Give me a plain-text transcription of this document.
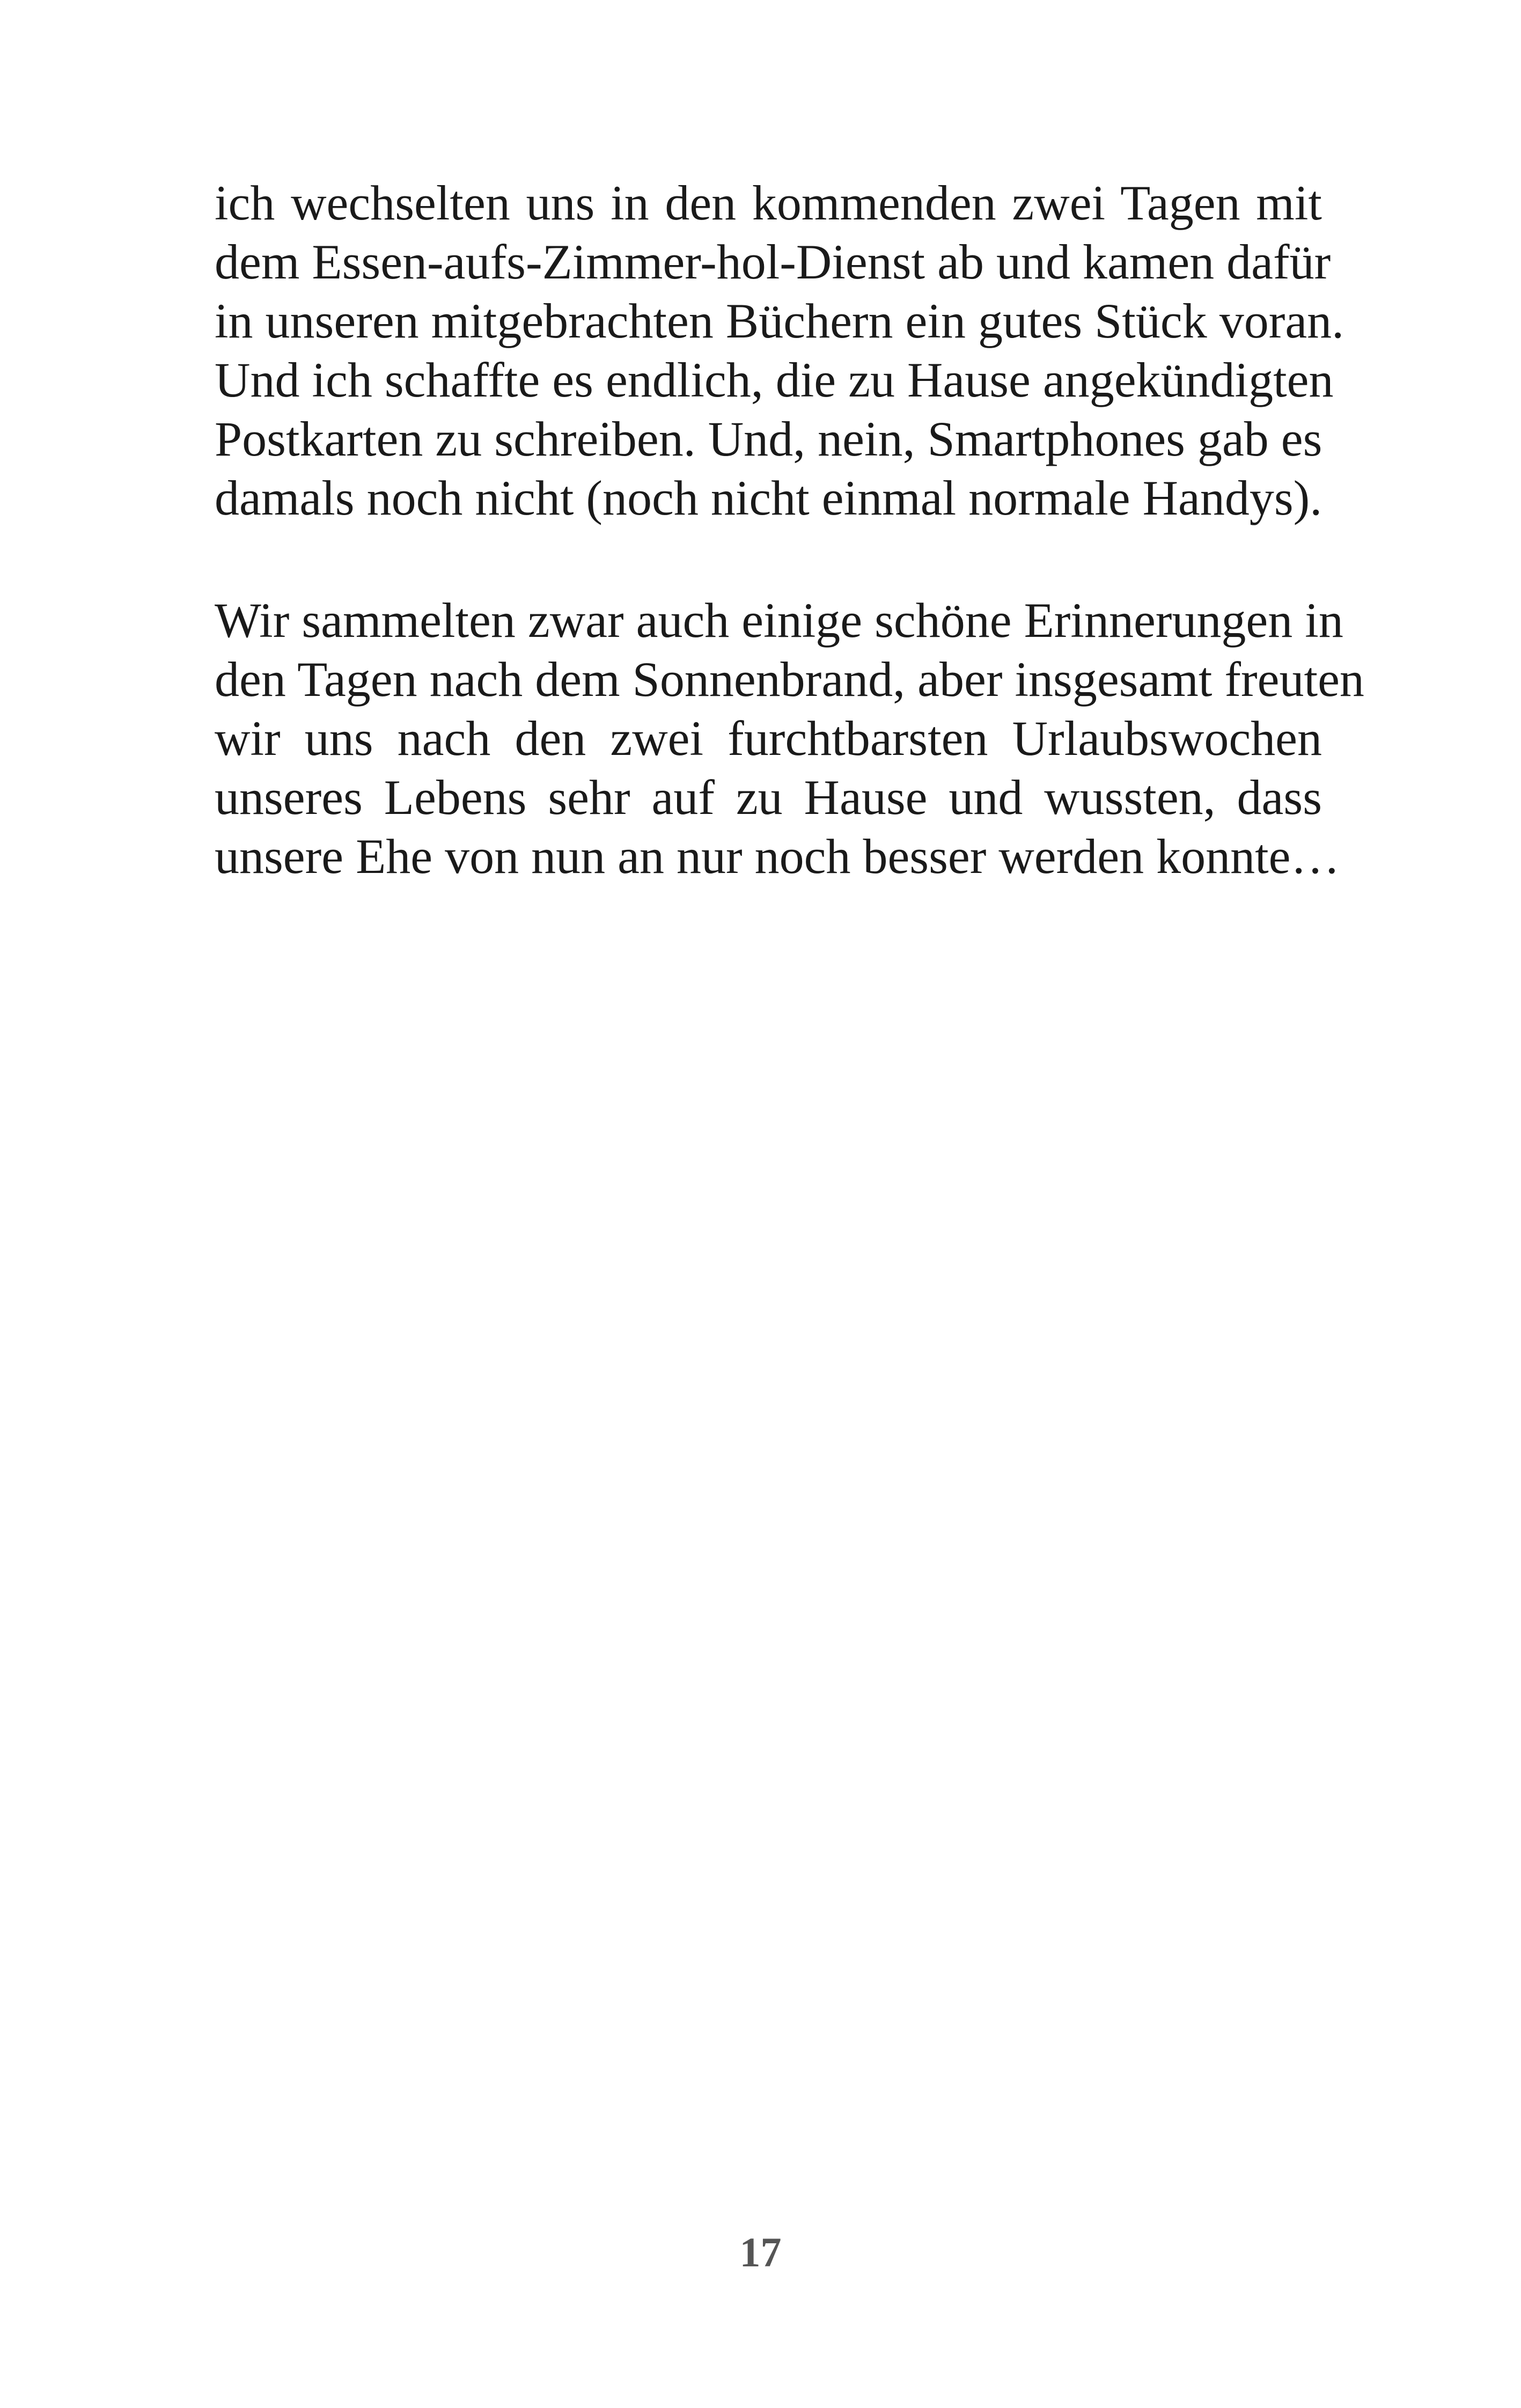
ich wechselten uns in den kommenden zwei Tagen mit
dem Essen-aufs-Zimmer-hol-Dienst ab und kamen dafür
in unseren mitgebrachten Büchern ein gutes Stück voran.
Und ich schaffte es endlich, die zu Hause angekündigten
Postkarten zu schreiben. Und, nein, Smartphones gab es
damals noch nicht (noch nicht einmal normale Handys).
Wir sammelten zwar auch einige schöne Erinnerungen in
den Tagen nach dem Sonnenbrand, aber insgesamt freuten
wir uns nach den zwei furchtbarsten Urlaubswochen
unseres Lebens sehr auf zu Hause und wussten, dass
unsere Ehe von nun an nur noch besser werden konnte…
17
